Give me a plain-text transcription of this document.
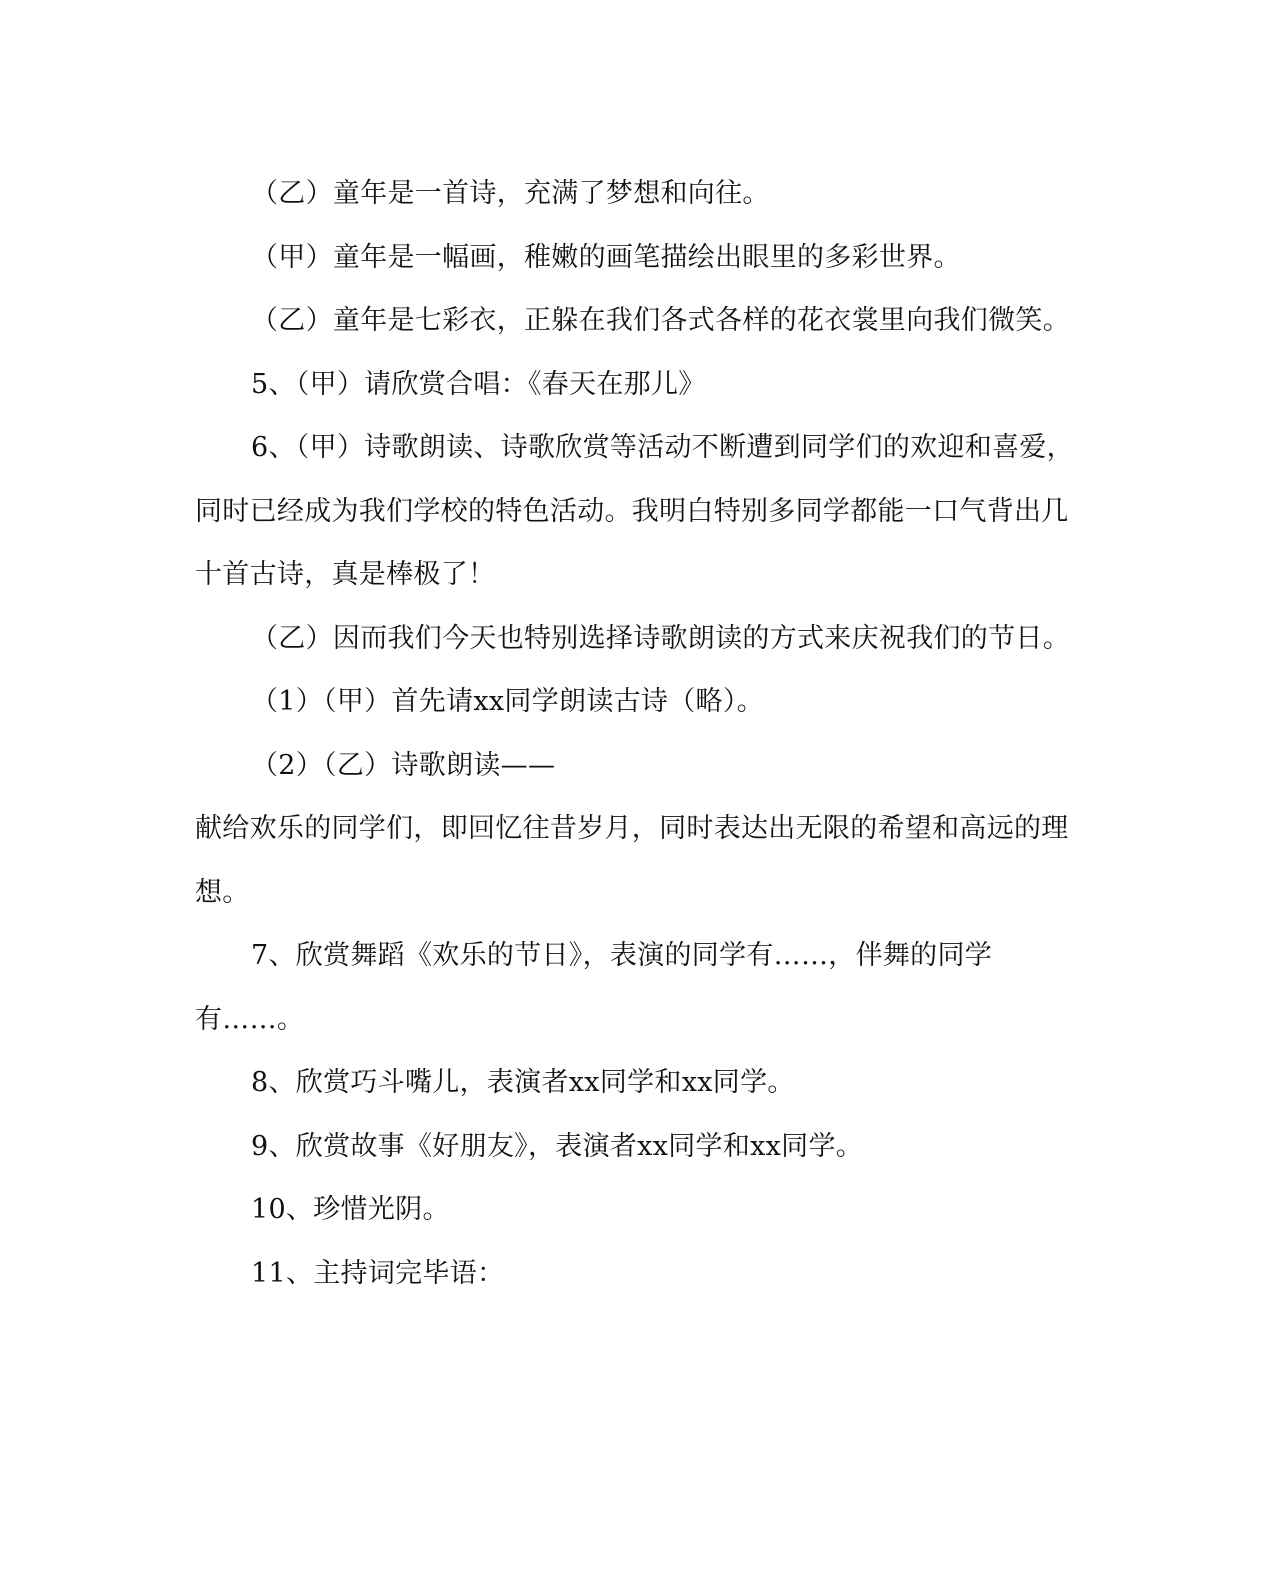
（乙）童年是一首诗，充满了梦想和向往。

（甲）童年是一幅画，稚嫩的画笔描绘出眼里的多彩世界。

（乙）童年是七彩衣，正躲在我们各式各样的花衣裳里向我们微笑。

5、（甲）请欣赏合唱：《春天在那儿》

6、（甲）诗歌朗读、诗歌欣赏等活动不断遭到同学们的欢迎和喜爱，同时已经成为我们学校的特色活动。我明白特别多同学都能一口气背出几十首古诗，真是棒极了！

（乙）因而我们今天也特别选择诗歌朗读的方式来庆祝我们的节日。

（1）（甲）首先请xx同学朗读古诗（略）。

（2）（乙）诗歌朗读——

献给欢乐的同学们，即回忆往昔岁月，同时表达出无限的希望和高远的理想。

7、欣赏舞蹈《欢乐的节日》，表演的同学有……，伴舞的同学有……。

8、欣赏巧斗嘴儿，表演者xx同学和xx同学。

9、欣赏故事《好朋友》，表演者xx同学和xx同学。

10、珍惜光阴。

11、主持词完毕语：
